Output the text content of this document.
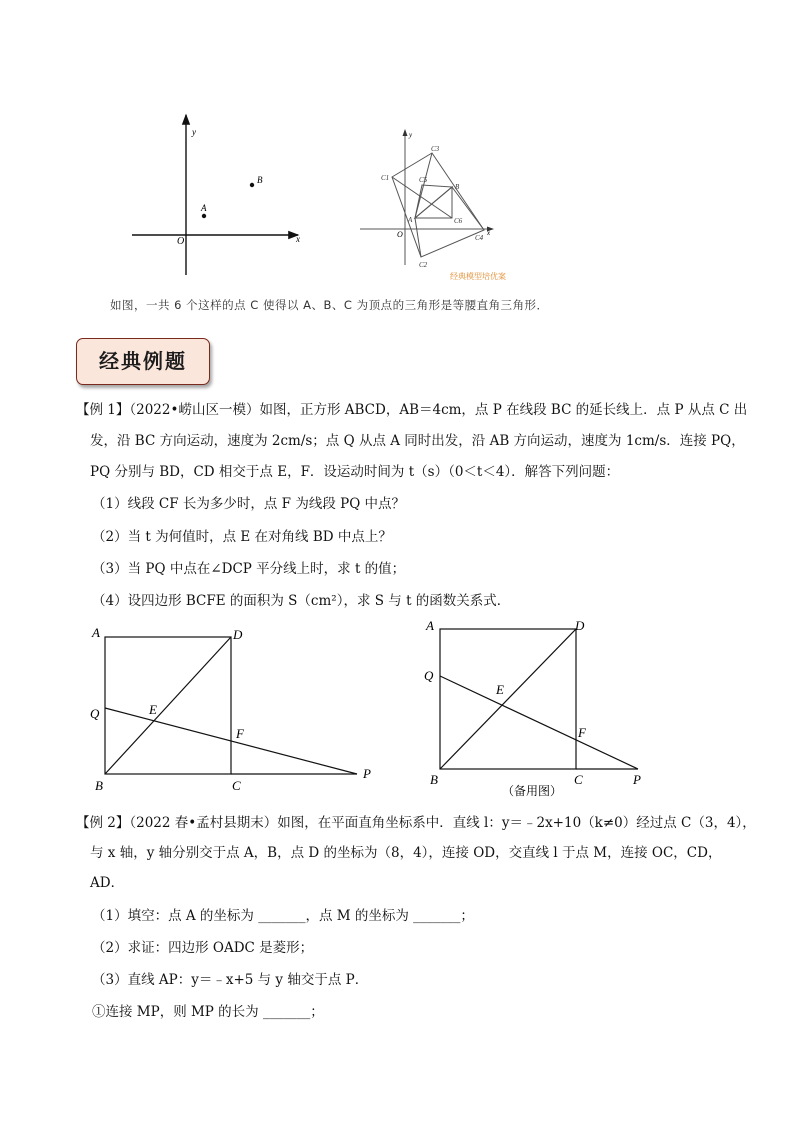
x
y
O
A
B
x
y
O
C3
C1	C5
B
A	C6
C4
C2
经典模型培优案
如图，一共 6 个这样的点 C 使得以 A、B、C 为顶点的三角形是等腰直角三角形．
经典例题
【例 1】（2022•崂山区一模）如图，正方形 ABCD，AB＝4cm，点 P 在线段 BC 的延长线上．点 P 从点 C 出
发，沿 BC 方向运动，速度为 2cm/s；点 Q 从点 A 同时出发，沿 AB 方向运动，速度为 1cm/s．连接 PQ，
PQ 分别与 BD，CD 相交于点 E，F．设运动时间为 t（s）（0＜t＜4）．解答下列问题：
（1）线段 CF 长为多少时，点 F 为线段 PQ 中点？
（2）当 t 为何值时，点 E 在对角线 BD 中点上？
（3）当 PQ 中点在∠DCP 平分线上时，求 t 的值；
（4）设四边形 BCFE 的面积为 S（cm²），求 S 与 t 的函数关系式．
A	D
Q	E
F
B	C
P
A	D
Q
E
F
B	C	P
（备用图）
【例 2】（2022 春•孟村县期末）如图，在平面直角坐标系中．直线 l：y＝﹣2x+10（k≠0）经过点 C（3，4），
与 x 轴，y 轴分别交于点 A，B，点 D 的坐标为（8，4），连接 OD，交直线 l 于点 M，连接 OC，CD，
AD．
（1）填空：点 A 的坐标为 _______，点 M 的坐标为 _______；
（2）求证：四边形 OADC 是菱形；
（3）直线 AP：y＝﹣x+5 与 y 轴交于点 P．
①连接 MP，则 MP 的长为 _______；
